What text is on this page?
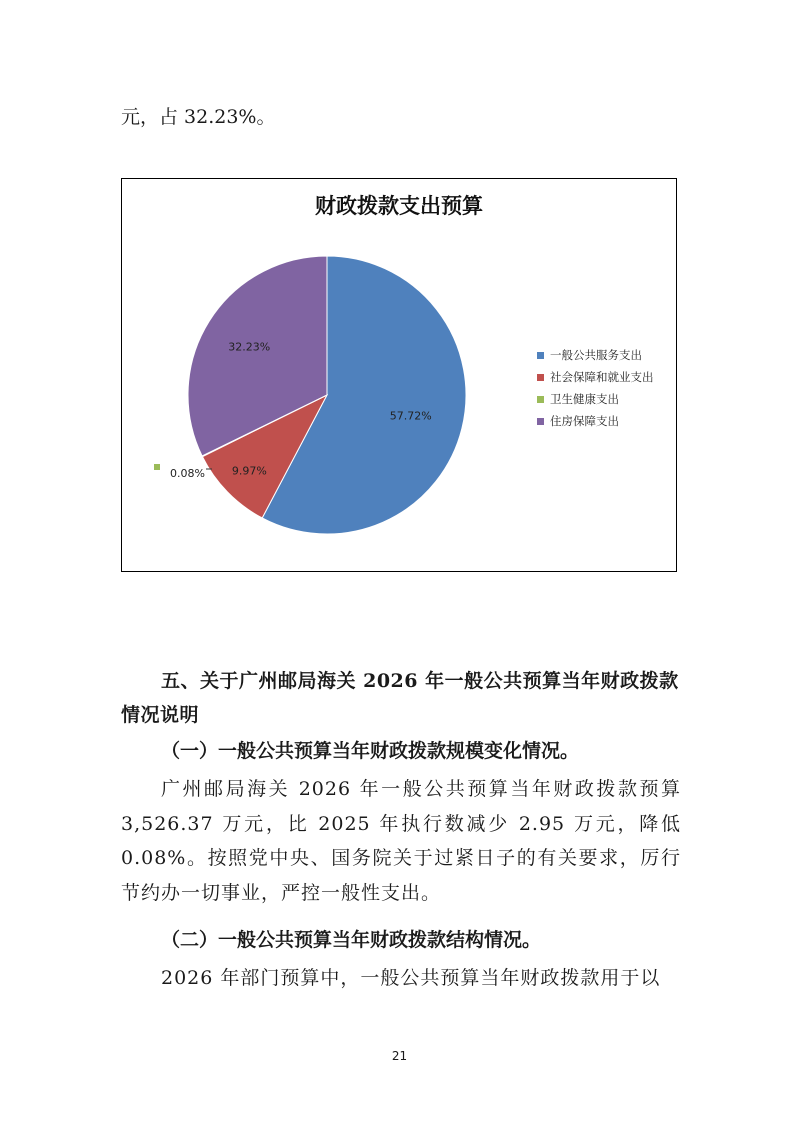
元，占 32.23%。
财政拨款支出预算
57.72%
9.97%
0.08%
32.23%
一般公共服务支出
社会保障和就业支出
卫生健康支出
住房保障支出
五、关于广州邮局海关 2026 年一般公共预算当年财政拨款情况说明
（一）一般公共预算当年财政拨款规模变化情况。
广州邮局海关 2026 年一般公共预算当年财政拨款预算 3,526.37 万元，比 2025 年执行数减少 2.95 万元，降低 0.08%。按照党中央、国务院关于过紧日子的有关要求，厉行节约办一切事业，严控一般性支出。
（二）一般公共预算当年财政拨款结构情况。
2026 年部门预算中，一般公共预算当年财政拨款用于以
21
